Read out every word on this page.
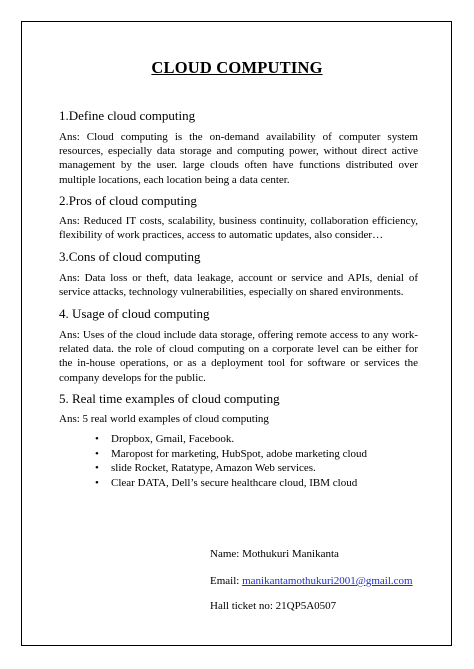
CLOUD COMPUTING
1.Define cloud computing
Ans: Cloud computing is the on-demand availability of computer system resources, especially data storage and computing power, without direct active management by the user. large clouds often have functions distributed over multiple locations, each location being a data center.
2.Pros of cloud computing
Ans: Reduced IT costs, scalability, business continuity, collaboration efficiency, flexibility of work practices, access to automatic updates, also consider…
3.Cons of cloud computing
Ans: Data loss or theft, data leakage, account or service and APIs, denial of service attacks, technology vulnerabilities, especially on shared environments.
4. Usage of cloud computing
Ans: Uses of the cloud include data storage, offering remote access to any work-related data. the role of cloud computing on a corporate level can be either for the in-house operations, or as a deployment tool for software or services the company develops for the public.
5. Real time examples of cloud computing
Ans: 5 real world examples of cloud computing
• Dropbox, Gmail, Facebook.
• Maropost for marketing, HubSpot, adobe marketing cloud
• slide Rocket, Ratatype, Amazon Web services.
• Clear DATA, Dell’s secure healthcare cloud, IBM cloud
Name: Mothukuri Manikanta
Email: manikantamothukuri2001@gmail.com
Hall ticket no: 21QP5A0507
